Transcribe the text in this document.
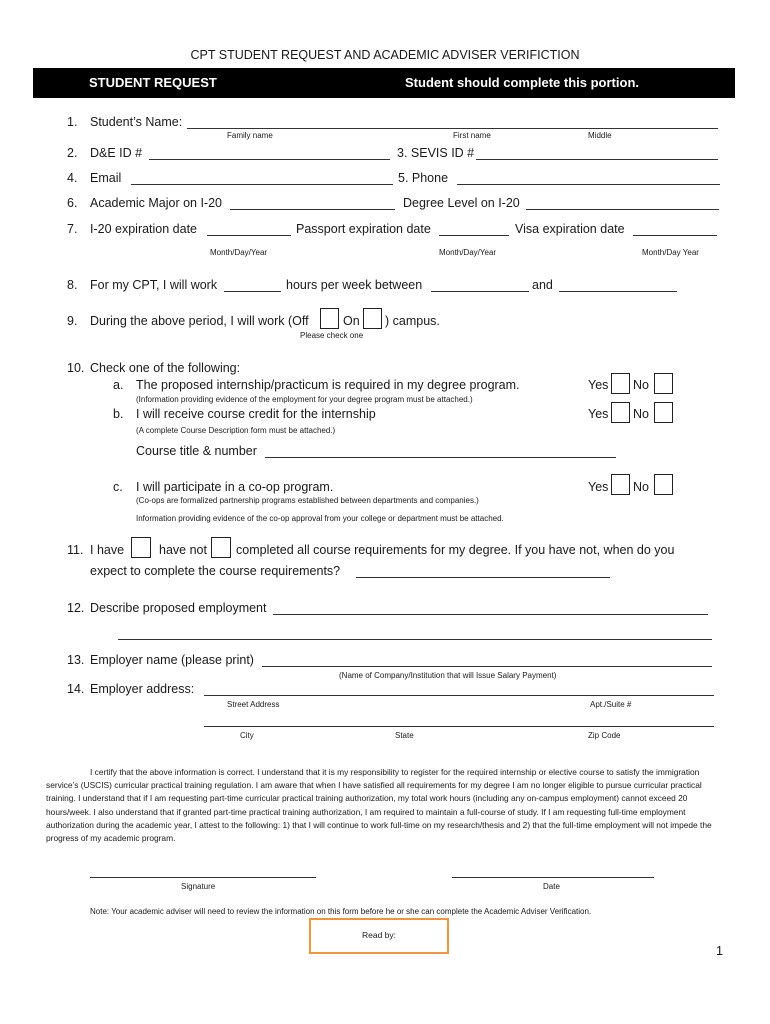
CPT STUDENT REQUEST AND ACADEMIC ADVISER VERIFICTION
STUDENT REQUEST	Student should complete this portion.
1. Student’s Name:
Family name	First name	Middle
2. D&E ID #	3. SEVIS ID #
4. Email	5. Phone
6. Academic Major on I-20	Degree Level on I-20
7. I-20 expiration date	Passport expiration date	Visa expiration date
Month/Day/Year	Month/Day/Year	Month/Day Year
8. For my CPT, I will work	hours per week between	and
9. During the above period, I will work (Off	On ) campus.
Please check one
10. Check one of the following:
a. The proposed internship/practicum is required in my degree program.	Yes No
(Information providing evidence of the employment for your degree program must be attached.)
b. I will receive course credit for the internship	Yes No
(A complete Course Description form must be attached.)
Course title & number
c. I will participate in a co-op program.	Yes No
(Co-ops are formalized partnership programs established between departments and companies.)
Information providing evidence of the co-op approval from your college or department must be attached.
11. I have	have not completed all course requirements for my degree. If you have not, when do you
expect to complete the course requirements?
12. Describe proposed employment
13. Employer name (please print)
(Name of Company/Institution that will Issue Salary Payment)
14. Employer address:
Street Address	Apt./Suite #
City	State	Zip Code
I certify that the above information is correct. I understand that it is my responsibility to register for the required internship or elective course to satisfy the immigration service’s (USCIS) curricular practical training regulation. I am aware that when I have satisfied all requirements for my degree I am no longer eligible to pursue curricular practical training. I understand that if I am requesting part-time curricular practical training authorization, my total work hours (including any on-campus employment) cannot exceed 20 hours/week. I also understand that if granted part-time practical training authorization, I am required to maintain a full-course of study. If I am requesting full-time employment authorization during the academic year, I attest to the following: 1) that I will continue to work full-time on my research/thesis and 2) that the full-time employment will not impede the progress of my academic program.
Signature	Date
Note: Your academic adviser will need to review the information on this form before he or she can complete the Academic Adviser Verification.
Read by:
1
